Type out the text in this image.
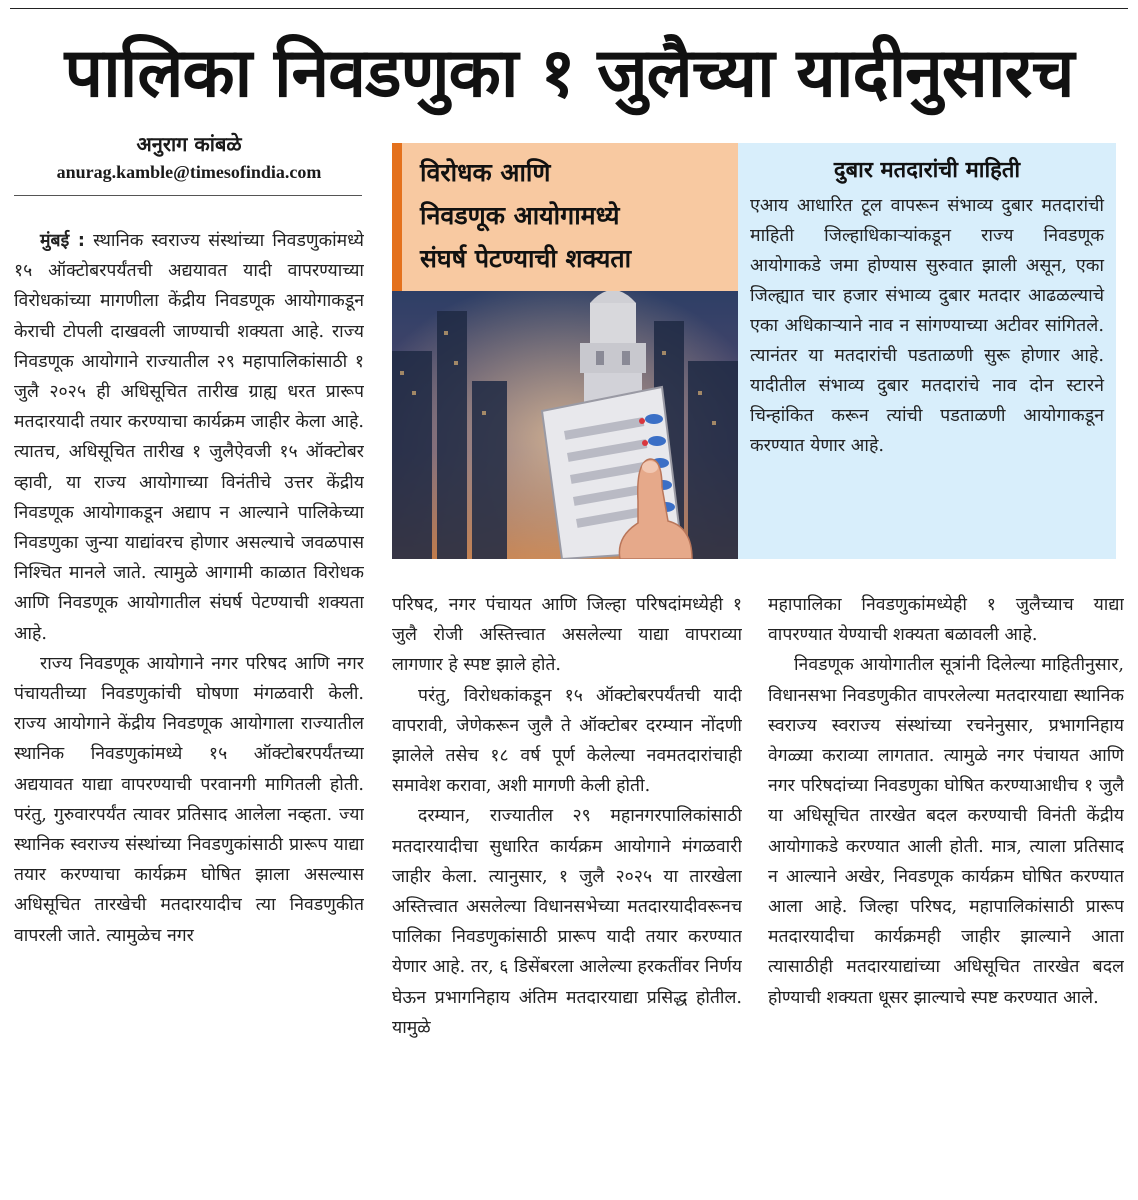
पालिका निवडणुका १ जुलैच्या यादीनुसारच
अनुराग कांबळे
anurag.kamble@timesofindia.com

मुंबई : स्थानिक स्वराज्य संस्थांच्या निवडणुकांमध्ये १५ ऑक्टोबरपर्यंतची अद्ययावत यादी वापरण्याच्या विरोधकांच्या मागणीला केंद्रीय निवडणूक आयोगाकडून केराची टोपली दाखवली जाण्याची शक्यता आहे. राज्य निवडणूक आयोगाने राज्यातील २९ महापालिकांसाठी १ जुलै २०२५ ही अधिसूचित तारीख ग्राह्य धरत प्रारूप मतदारयादी तयार करण्याचा कार्यक्रम जाहीर केला आहे. त्यातच, अधिसूचित तारीख १ जुलैऐवजी १५ ऑक्टोबर व्हावी, या राज्य आयोगाच्या विनंतीचे उत्तर केंद्रीय निवडणूक आयोगाकडून अद्याप न आल्याने पालिकेच्या निवडणुका जुन्या याद्यांवरच होणार असल्याचे जवळपास निश्चित मानले जाते. त्यामुळे आगामी काळात विरोधक आणि निवडणूक आयोगातील संघर्ष पेटण्याची शक्यता आहे.

राज्य निवडणूक आयोगाने नगर परिषद आणि नगर पंचायतीच्या निवडणुकांची घोषणा मंगळवारी केली. राज्य आयोगाने केंद्रीय निवडणूक आयोगाला राज्यातील स्थानिक निवडणुकांमध्ये १५ ऑक्टोबरपर्यंतच्या अद्ययावत याद्या वापरण्याची परवानगी मागितली होती. परंतु, गुरुवारपर्यंत त्यावर प्रतिसाद आलेला नव्हता. ज्या स्थानिक स्वराज्य संस्थांच्या निवडणुकांसाठी प्रारूप याद्या तयार करण्याचा कार्यक्रम घोषित झाला असल्यास अधिसूचित तारखेची मतदारयादीच त्या निवडणुकीत वापरली जाते. त्यामुळेच नगर

विरोधक आणि
निवडणूक आयोगामध्ये
संघर्ष पेटण्याची शक्यता
दुबार मतदारांची माहिती

एआय आधारित टूल वापरून संभाव्य दुबार मतदारांची माहिती जिल्हाधिकाऱ्यांकडून राज्य निवडणूक आयोगाकडे जमा होण्यास सुरुवात झाली असून, एका जिल्ह्यात चार हजार संभाव्य दुबार मतदार आढळल्याचे एका अधिकाऱ्याने नाव न सांगण्याच्या अटीवर सांगितले. त्यानंतर या मतदारांची पडताळणी सुरू होणार आहे. यादीतील संभाव्य दुबार मतदारांचे नाव दोन स्टारने चिन्हांकित करून त्यांची पडताळणी आयोगाकडून करण्यात येणार आहे.

परिषद, नगर पंचायत आणि जिल्हा परिषदांमध्येही १ जुलै रोजी अस्तित्त्वात असलेल्या याद्या वापराव्या लागणार हे स्पष्ट झाले होते.

परंतु, विरोधकांकडून १५ ऑक्टोबरपर्यंतची यादी वापरावी, जेणेकरून जुलै ते ऑक्टोबर दरम्यान नोंदणी झालेले तसेच १८ वर्ष पूर्ण केलेल्या नवमतदारांचाही समावेश करावा, अशी मागणी केली होती.

दरम्यान, राज्यातील २९ महानगरपालिकांसाठी मतदारयादीचा सुधारित कार्यक्रम आयोगाने मंगळवारी जाहीर केला. त्यानुसार, १ जुलै २०२५ या तारखेला अस्तित्त्वात असलेल्या विधानसभेच्या मतदारयादीवरूनच पालिका निवडणुकांसाठी प्रारूप यादी तयार करण्यात येणार आहे. तर, ६ डिसेंबरला आलेल्या हरकतींवर निर्णय घेऊन प्रभागनिहाय अंतिम मतदारयाद्या प्रसिद्ध होतील. यामुळे

महापालिका निवडणुकांमध्येही १ जुलैच्याच याद्या वापरण्यात येण्याची शक्यता बळावली आहे.

निवडणूक आयोगातील सूत्रांनी दिलेल्या माहितीनुसार, विधानसभा निवडणुकीत वापरलेल्या मतदारयाद्या स्थानिक स्वराज्य स्वराज्य संस्थांच्या रचनेनुसार, प्रभागनिहाय वेगळ्या कराव्या लागतात. त्यामुळे नगर पंचायत आणि नगर परिषदांच्या निवडणुका घोषित करण्याआधीच १ जुलै या अधिसूचित तारखेत बदल करण्याची विनंती केंद्रीय आयोगाकडे करण्यात आली होती. मात्र, त्याला प्रतिसाद न आल्याने अखेर, निवडणूक कार्यक्रम घोषित करण्यात आला आहे. जिल्हा परिषद, महापालिकांसाठी प्रारूप मतदारयादीचा कार्यक्रमही जाहीर झाल्याने आता त्यासाठीही मतदारयाद्यांच्या अधिसूचित तारखेत बदल होण्याची शक्यता धूसर झाल्याचे स्पष्ट करण्यात आले.
